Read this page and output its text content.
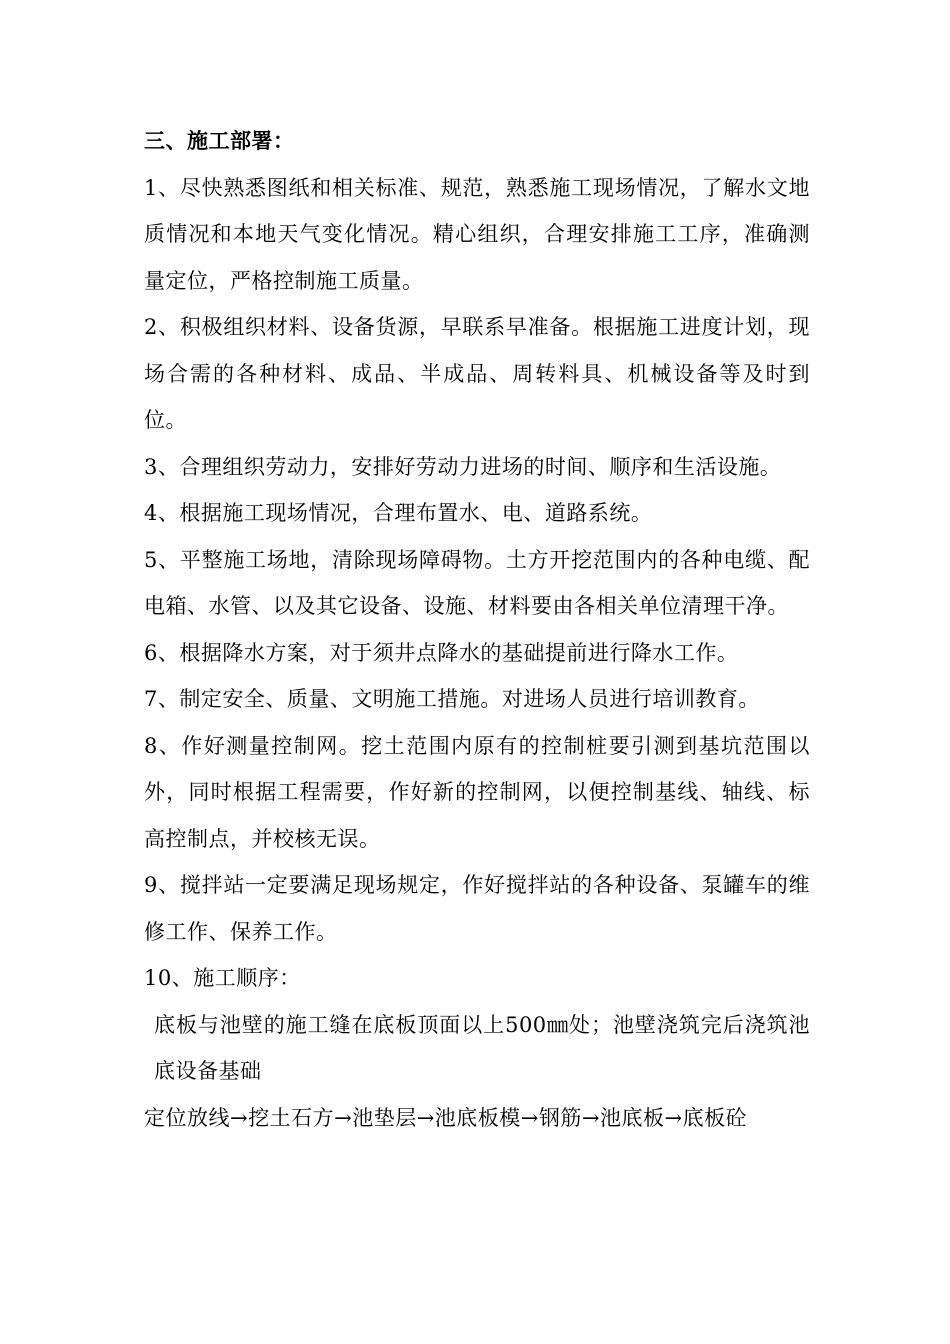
三、施工部署：

1、尽快熟悉图纸和相关标准、规范，熟悉施工现场情况，了解水文地质情况和本地天气变化情况。精心组织，合理安排施工工序，准确测量定位，严格控制施工质量。

2、积极组织材料、设备货源，早联系早准备。根据施工进度计划，现场合需的各种材料、成品、半成品、周转料具、机械设备等及时到位。

3、合理组织劳动力，安排好劳动力进场的时间、顺序和生活设施。

4、根据施工现场情况，合理布置水、电、道路系统。

5、平整施工场地，清除现场障碍物。土方开挖范围内的各种电缆、配电箱、水管、以及其它设备、设施、材料要由各相关单位清理干净。

6、根据降水方案，对于须井点降水的基础提前进行降水工作。

7、制定安全、质量、文明施工措施。对进场人员进行培训教育。

8、作好测量控制网。挖土范围内原有的控制桩要引测到基坑范围以外，同时根据工程需要，作好新的控制网，以便控制基线、轴线、标高控制点，并校核无误。

9、搅拌站一定要满足现场规定，作好搅拌站的各种设备、泵罐车的维修工作、保养工作。

10、施工顺序：

底板与池壁的施工缝在底板顶面以上500㎜处；池壁浇筑完后浇筑池底设备基础

定位放线→挖土石方→池垫层→池底板模→钢筋→池底板→底板砼
